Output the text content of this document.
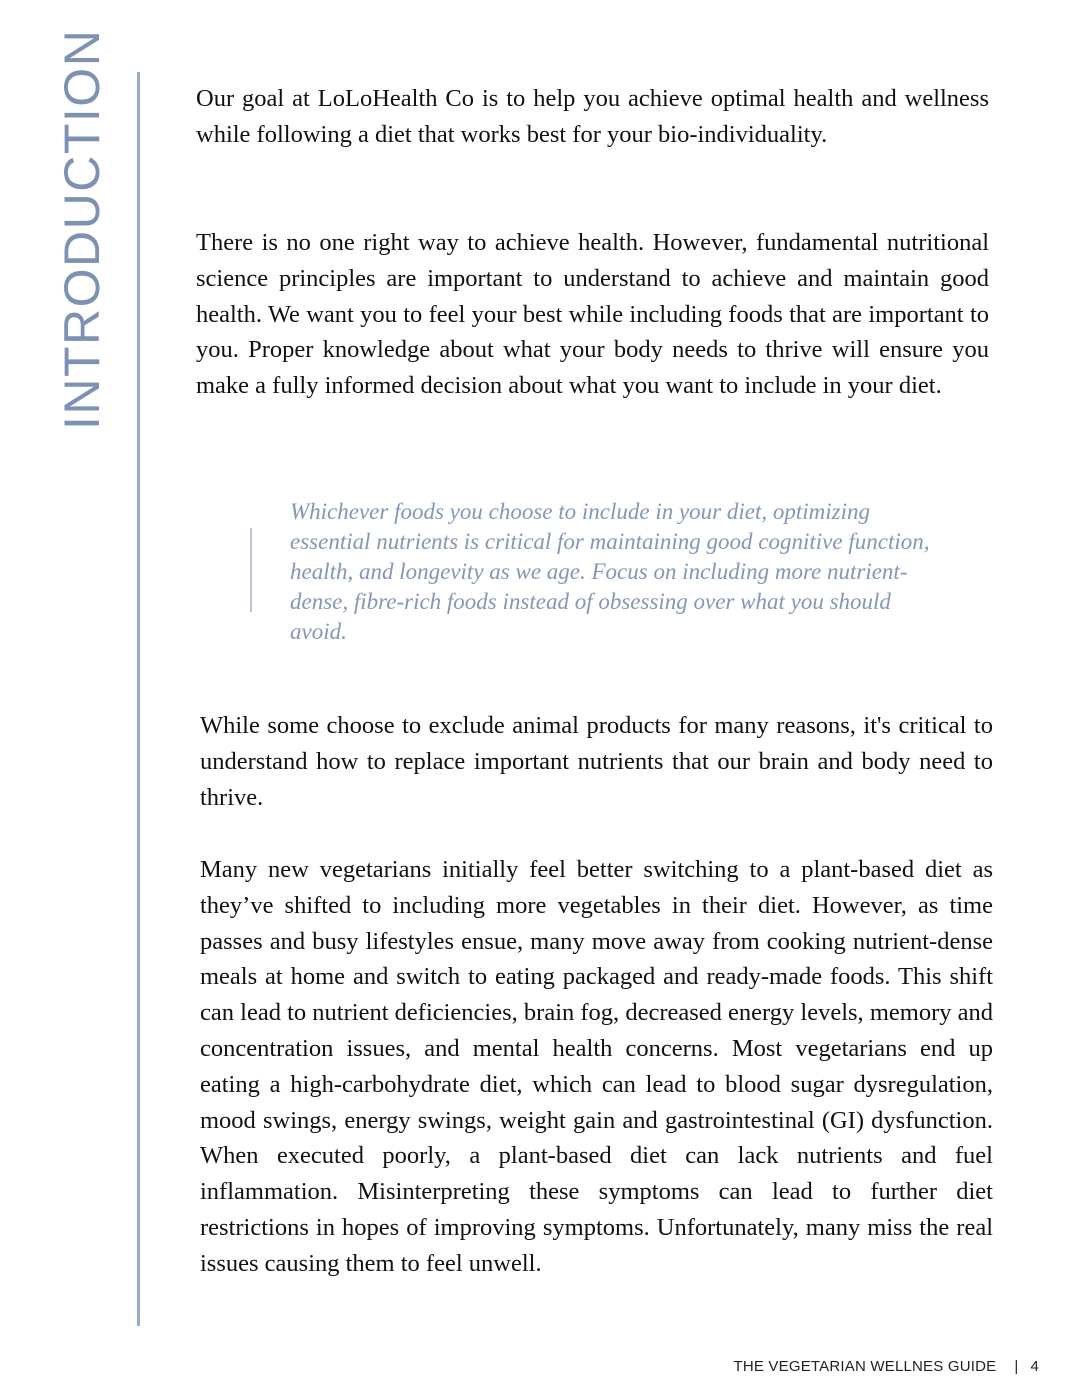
INTRODUCTION	Our goal at LoLoHealth Co is to help you achieve optimal health and wellness while following a diet that works best for your bio-individuality.

There is no one right way to achieve health. However, fundamental nutritional science principles are important to understand to achieve and maintain good health. We want you to feel your best while including foods that are important to you. Proper knowledge about what your body needs to thrive will ensure you make a fully informed decision about what you want to include in your diet.

Whichever foods you choose to include in your diet, optimizing essential nutrients is critical for maintaining good cognitive function, health, and longevity as we age. Focus on including more nutrient-dense, fibre-rich foods instead of obsessing over what you should avoid.

While some choose to exclude animal products for many reasons, it's critical to understand how to replace important nutrients that our brain and body need to thrive.

Many new vegetarians initially feel better switching to a plant-based diet as they’ve shifted to including more vegetables in their diet. However, as time passes and busy lifestyles ensue, many move away from cooking nutrient-dense meals at home and switch to eating packaged and ready-made foods. This shift can lead to nutrient deficiencies, brain fog, decreased energy levels, memory and concentration issues, and mental health concerns. Most vegetarians end up eating a high-carbohydrate diet, which can lead to blood sugar dysregulation, mood swings, energy swings, weight gain and gastrointestinal (GI) dysfunction. When executed poorly, a plant-based diet can lack nutrients and fuel inflammation. Misinterpreting these symptoms can lead to further diet restrictions in hopes of improving symptoms. Unfortunately, many miss the real issues causing them to feel unwell.

THE VEGETARIAN WELLNES GUIDE | 4
